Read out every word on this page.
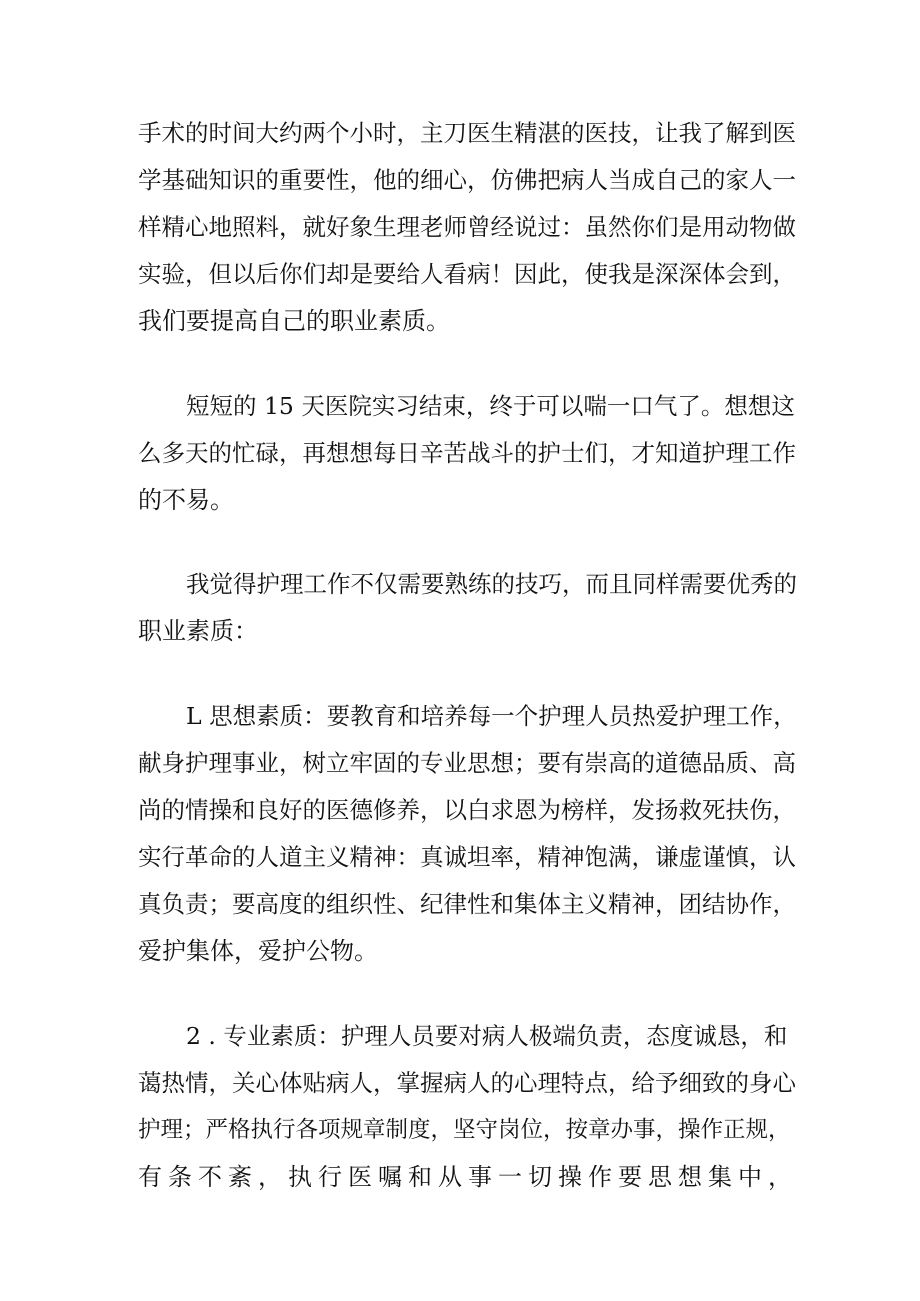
手术的时间大约两个小时，主刀医生精湛的医技，让我了解到医
学基础知识的重要性，他的细心，仿佛把病人当成自己的家人一
样精心地照料，就好象生理老师曾经说过：虽然你们是用动物做
实验，但以后你们却是要给人看病！因此，使我是深深体会到，
我们要提高自己的职业素质。
短短的 15 天医院实习结束，终于可以喘一口气了。想想这
么多天的忙碌，再想想每日辛苦战斗的护士们，才知道护理工作
的不易。
我觉得护理工作不仅需要熟练的技巧，而且同样需要优秀的
职业素质：
L 思想素质：要教育和培养每一个护理人员热爱护理工作，
献身护理事业，树立牢固的专业思想；要有崇高的道德品质、高
尚的情操和良好的医德修养，以白求恩为榜样，发扬救死扶伤，
实行革命的人道主义精神：真诚坦率，精神饱满，谦虚谨慎，认
真负责；要高度的组织性、纪律性和集体主义精神，团结协作，
爱护集体，爱护公物。
2 . 专业素质：护理人员要对病人极端负责，态度诚恳，和
蔼热情，关心体贴病人，掌握病人的心理特点，给予细致的身心
护理；严格执行各项规章制度，坚守岗位，按章办事，操作正规，
有条不紊，执行医嘱和从事一切操作要思想集中，
